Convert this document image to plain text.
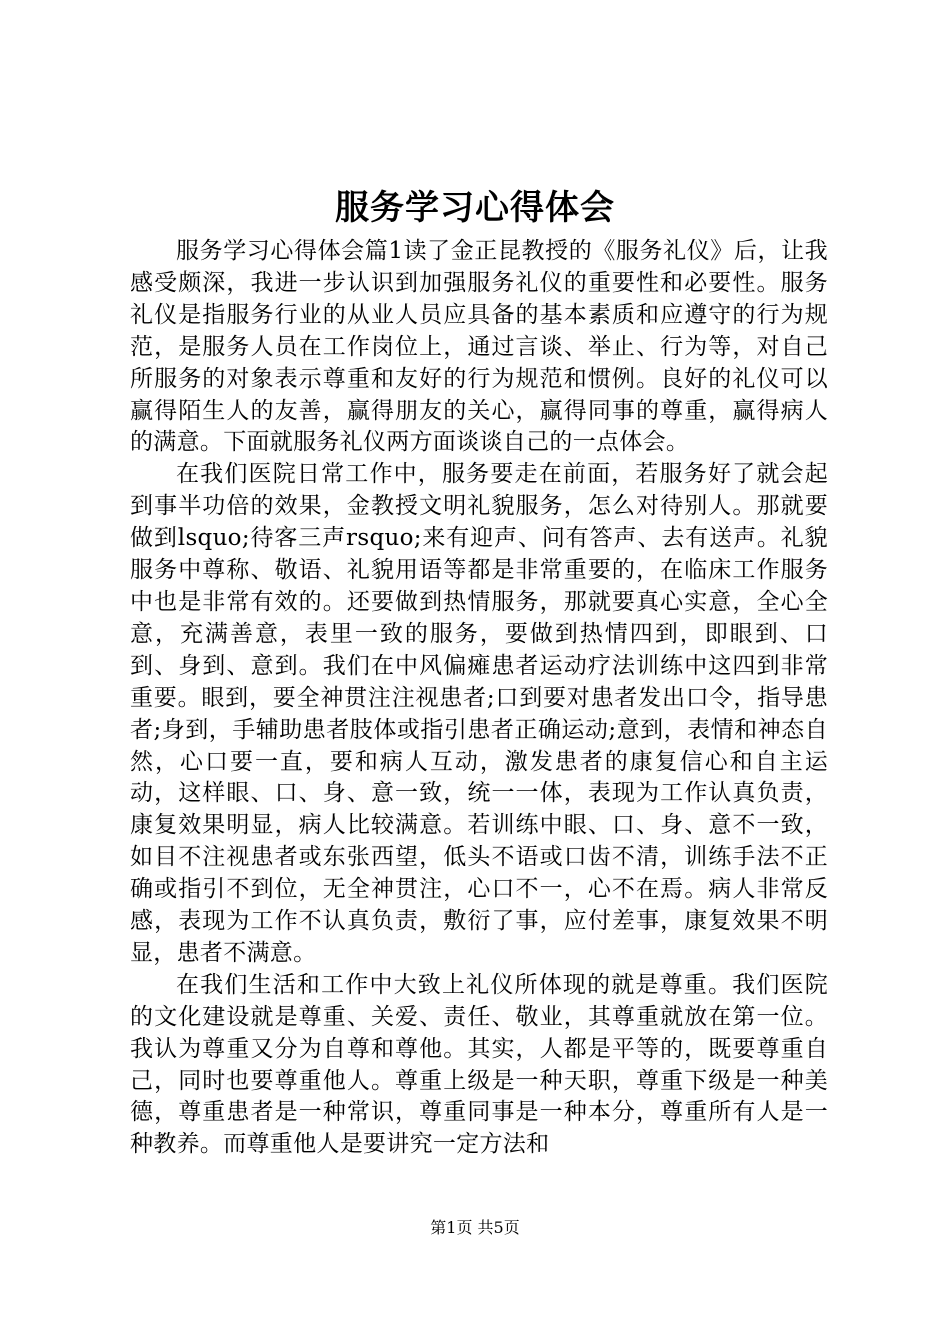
服务学习心得体会

服务学习心得体会篇1读了金正昆教授的《服务礼仪》后，让我感受颇深，我进一步认识到加强服务礼仪的重要性和必要性。服务礼仪是指服务行业的从业人员应具备的基本素质和应遵守的行为规范，是服务人员在工作岗位上，通过言谈、举止、行为等，对自己所服务的对象表示尊重和友好的行为规范和惯例。良好的礼仪可以赢得陌生人的友善，赢得朋友的关心，赢得同事的尊重，赢得病人的满意。下面就服务礼仪两方面谈谈自己的一点体会。

在我们医院日常工作中，服务要走在前面，若服务好了就会起到事半功倍的效果，金教授文明礼貌服务，怎么对待别人。那就要做到lsquo;待客三声rsquo;来有迎声、问有答声、去有送声。礼貌服务中尊称、敬语、礼貌用语等都是非常重要的，在临床工作服务中也是非常有效的。还要做到热情服务，那就要真心实意，全心全意，充满善意，表里一致的服务，要做到热情四到，即眼到、口到、身到、意到。我们在中风偏瘫患者运动疗法训练中这四到非常重要。眼到，要全神贯注注视患者;口到要对患者发出口令，指导患者;身到，手辅助患者肢体或指引患者正确运动;意到，表情和神态自然，心口要一直，要和病人互动，激发患者的康复信心和自主运动，这样眼、口、身、意一致，统一一体，表现为工作认真负责，康复效果明显，病人比较满意。若训练中眼、口、身、意不一致，如目不注视患者或东张西望，低头不语或口齿不清，训练手法不正确或指引不到位，无全神贯注，心口不一，心不在焉。病人非常反感，表现为工作不认真负责，敷衍了事，应付差事，康复效果不明显，患者不满意。

在我们生活和工作中大致上礼仪所体现的就是尊重。我们医院的文化建设就是尊重、关爱、责任、敬业，其尊重就放在第一位。我认为尊重又分为自尊和尊他。其实，人都是平等的，既要尊重自己，同时也要尊重他人。尊重上级是一种天职，尊重下级是一种美德，尊重患者是一种常识，尊重同事是一种本分，尊重所有人是一种教养。而尊重他人是要讲究一定方法和

第1页 共5页
